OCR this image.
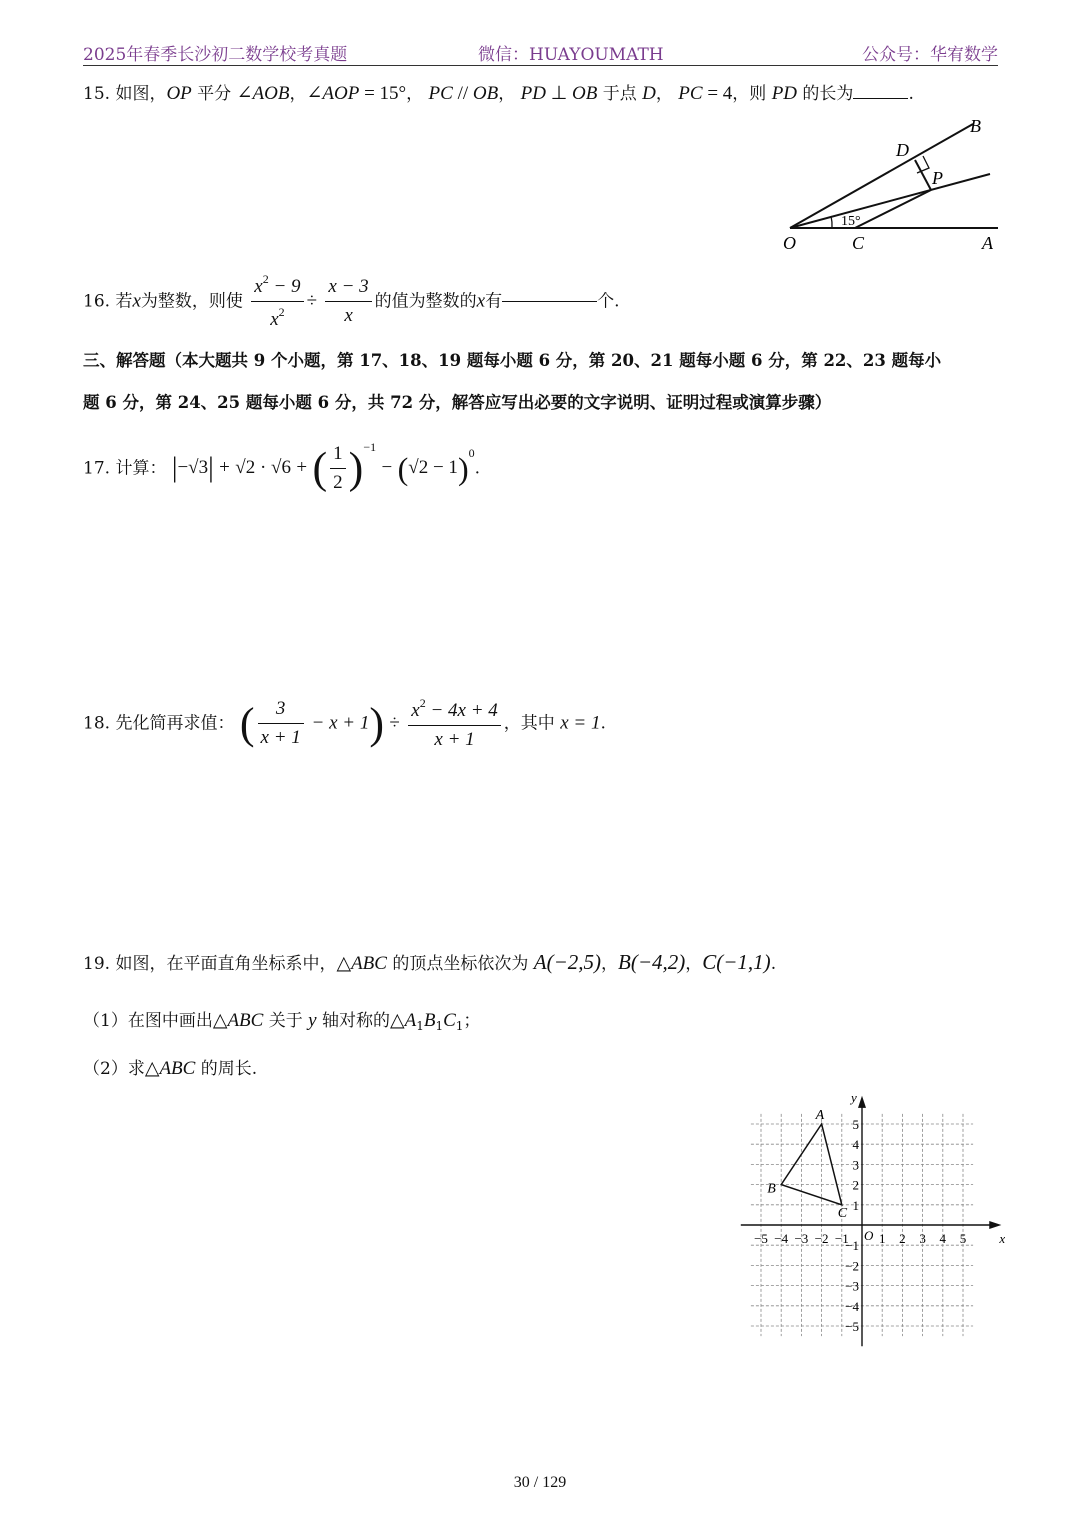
2025年春季长沙初二数学校考真题	微信：HUAYOUMATH	公众号：华宥数学
15. 如图，OP 平分 ∠AOB，∠AOP = 15°， PC // OB， PD ⊥ OB 于点 D， PC = 4，则 PD 的长为	.
B
D
P
O	C	A
15°
16. 若x为整数，则使 $\frac{x^2 - 9}{x^2} \div \frac{x - 3}{x}$ 的值为整数的x有	个.
三、解答题（本大题共 9 个小题，第 17、18、19 题每小题 6 分，第 20、21 题每小题 6 分，第 22、23 题每小
题 6 分，第 24、25 题每小题 6 分，共 72 分，解答应写出必要的文字说明、证明过程或演算步骤）
17. 计算： |−√3| + √2 · √6 + ( $\frac{1}{2} )^{-1} - (√2 - 1)^0$.
18. 先化简再求值： ( $\frac{3}{x + 1} - x + 1) \div \frac{x^2 - 4x + 4}{x + 1}$ ，其中 x = 1.
19. 如图，在平面直角坐标系中，△ABC 的顶点坐标依次为 A(−2,5)，B(−4,2)，C(−1,1).
（1）在图中画出△ABC 关于 y 轴对称的$\triangle A_1B_1C_1$；
（2）求△ABC 的周长.
−5 −4 −3 −2 −1 1 2 3 4 5
5
4
3
2
1
−1
−2
−3
−4
−5
x
y
O
A
B
C
30 / 129
